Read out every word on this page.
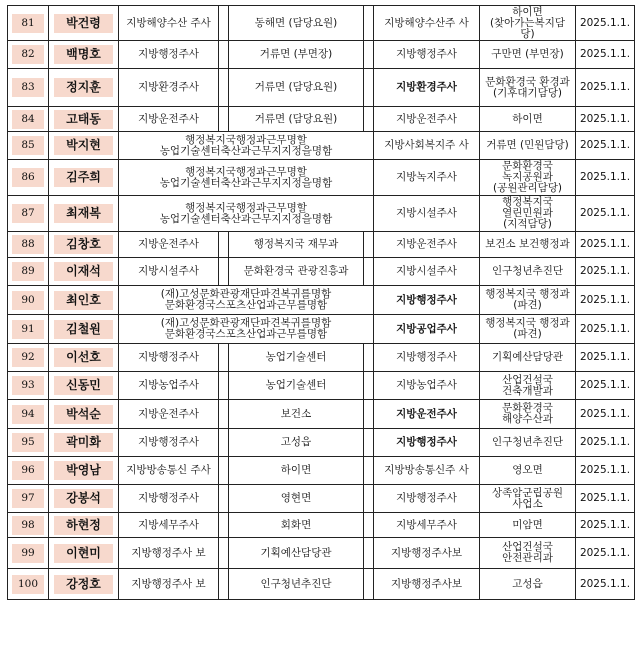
81	박건령	지방해양수산 주사		동해면 (담당요원)		지방해양수산주 사	하이면 (찾아가는복지담 당)	2025.1.1.

82	백명호	지방행정주사		거류면 (부면장)		지방행정주사	구만면 (부면장)	2025.1.1.

83	정지훈	지방환경주사		거류면 (담당요원)		지방환경주사	문화환경국 환경과 (기후대기담당)	2025.1.1.

84	고태동	지방운전주사		거류면 (담당요원)		지방운전주사	하이면	2025.1.1.

85	박지현	행정복지국행정과근무명할 농업기술센터축산과근무지지정을명함				지방사회복지주 사	거류면 (민원담당)	2025.1.1.

86	김주희	행정복지국행정과근무명할 농업기술센터축산과근무지지정을명함				지방녹지주사	문화환경국 녹지공원과 (공원관리담당)	2025.1.1.

87	최재복	행정복지국행정과근무명할 농업기술센터축산과근무지지정을명함				지방시설주사	행정복지국 열린민원과 (지적담당)	2025.1.1.

88	김창호	지방운전주사		행정복지국 재무과		지방운전주사	보건소 보건행정과	2025.1.1.

89	이재석	지방시설주사		문화환경국 관광진흥과		지방시설주사	인구청년추진단	2025.1.1.

90	최인호	(재)고성문화관광재단파견복귀를명함 문화환경국스포츠산업과근무를명함				지방행정주사	행정복지국 행정과(파견)	2025.1.1.

91	김철원	(재)고성문화관광재단파견복귀를명함 문화환경국스포츠산업과근무를명함				지방공업주사	행정복지국 행정과(파견)	2025.1.1.

92	이선호	지방행정주사		농업기술센터		지방행정주사	기획예산담당관	2025.1.1.

93	신동민	지방농업주사		농업기술센터		지방농업주사	산업건설국 건축개발과	2025.1.1.

94	박석순	지방운전주사		보건소		지방운전주사	문화환경국 해양수산과	2025.1.1.

95	곽미화	지방행정주사		고성읍		지방행정주사	인구청년추진단	2025.1.1.

96	박영남	지방방송통신 주사		하이면		지방방송통신주 사	영오면	2025.1.1.

97	강봉석	지방행정주사		영현면		지방행정주사	상족암군립공원 사업소	2025.1.1.

98	하현정	지방세무주사		회화면		지방세무주사	미암면	2025.1.1.

99	이현미	지방행정주사 보		기획예산담당관		지방행정주사보	산업건설국 안전관리과	2025.1.1.

100	강정호	지방행정주사 보		인구청년추진단		지방행정주사보	고성읍	2025.1.1.
